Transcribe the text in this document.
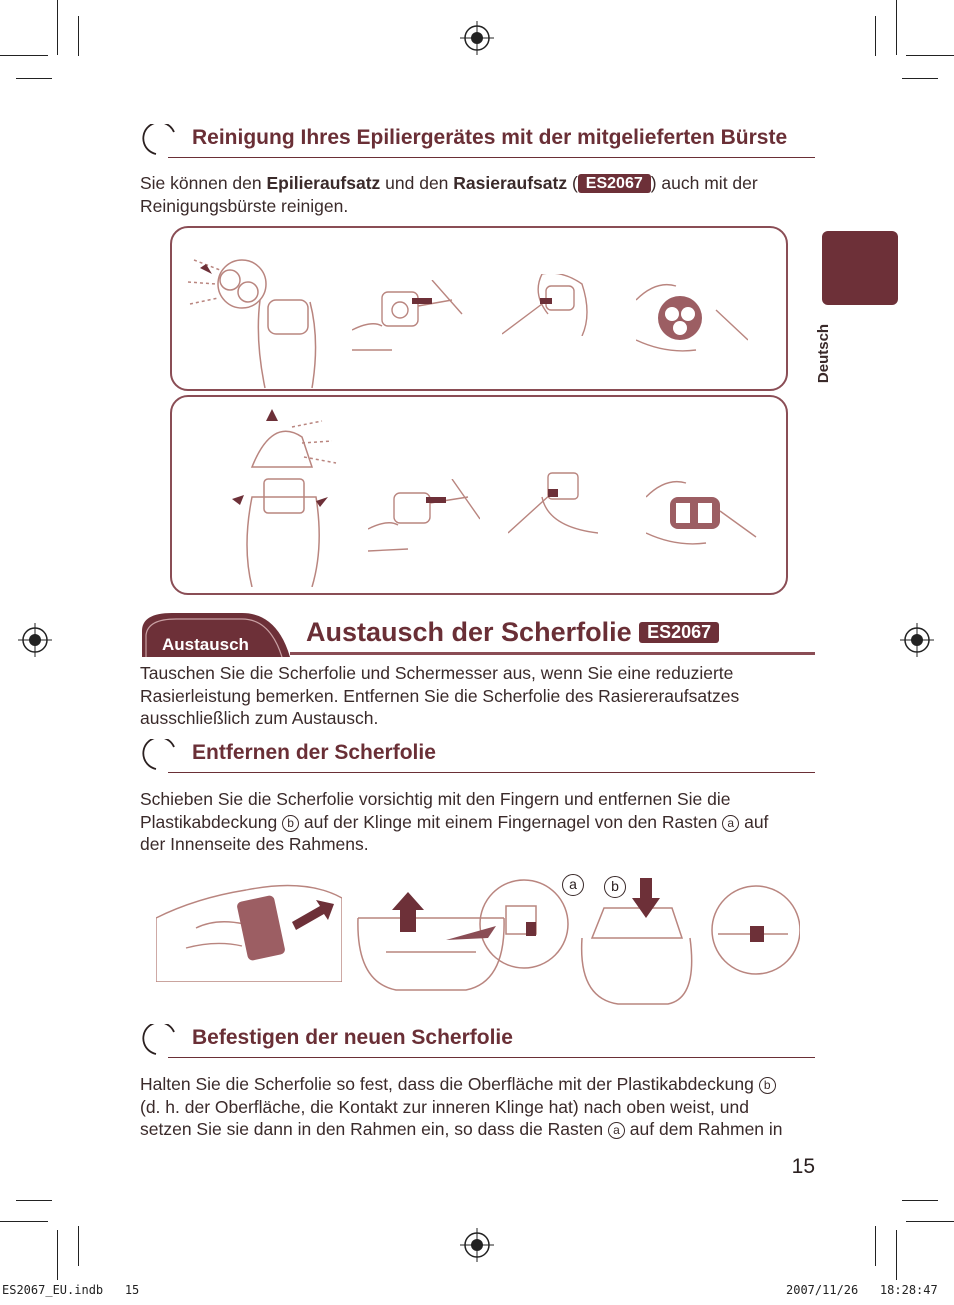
Deutsch
Reinigung Ihres Epiliergerätes mit der mitgelieferten Bürste
Sie können den Epilieraufsatz und den Rasieraufsatz ( ES2067 ) auch mit der
Reinigungsbürste reinigen.
Austausch Austausch der Scherfolie ES2067
Tauschen Sie die Scherfolie und Schermesser aus, wenn Sie eine reduzierte
Rasierleistung bemerken. Entfernen Sie die Scherfolie des Rasiereraufsatzes
ausschließlich zum Austausch.
Entfernen der Scherfolie
Schieben Sie die Scherfolie vorsichtig mit den Fingern und entfernen Sie die
Plastikabdeckung b auf der Klinge mit einem Fingernagel von den Rasten a auf
der Innenseite des Rahmens.
a	b
Befestigen der neuen Scherfolie
Halten Sie die Scherfolie so fest, dass die Oberfläche mit der Plastikabdeckung b
(d. h. der Oberfläche, die Kontakt zur inneren Klinge hat) nach oben weist, und
setzen Sie sie dann in den Rahmen ein, so dass die Rasten a auf dem Rahmen in
15
ES2067_EU.indb   15	2007/11/26   18:28:47
